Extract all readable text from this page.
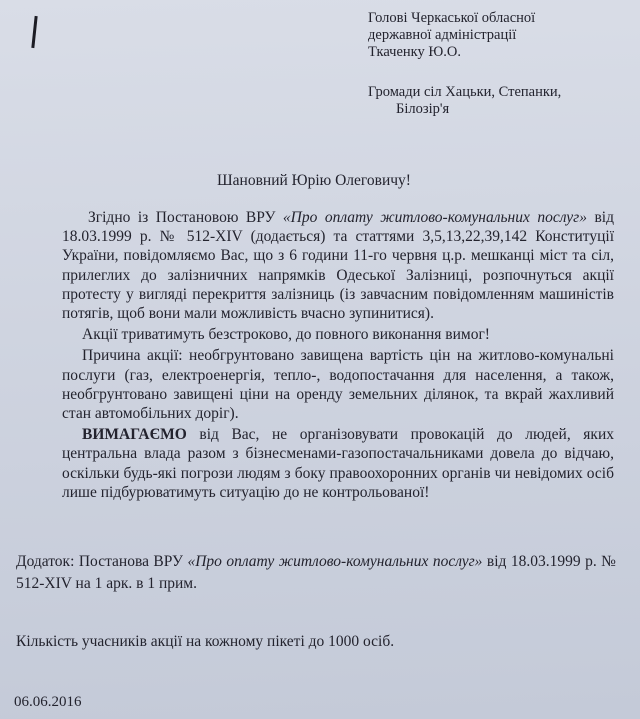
Голові Черкаської обласної
державної адміністрації
Ткаченку Ю.О.
Громади сіл Хацьки, Степанки,
Білозір'я
Шановний Юрію Олеговичу!

Згідно із Постановою ВРУ «Про оплату житлово-комунальних послуг» від 18.03.1999 р. № 512-XIV (додається) та статтями 3,5,13,22,39,142 Конституції України, повідомляємо Вас, що з 6 години 11-го червня ц.р. мешканці міст та сіл, прилеглих до залізничних напрямків Одеської Залізниці, розпочнуться акції протесту у вигляді перекриття залізниць (із завчасним повідомленням машиністів потягів, щоб вони мали можливість вчасно зупинитися).

Акції триватимуть безстроково, до повного виконання вимог!

Причина акції: необгрунтовано завищена вартість цін на житлово-комунальні послуги (газ, електроенергія, тепло-, водопостачання для населення, а також, необгрунтовано завищені ціни на оренду земельних ділянок, та вкрай жахливий стан автомобільних доріг).

ВИМАГАЄМО від Вас, не організовувати провокацій до людей, яких центральна влада разом з бізнесменами-газопостачальниками довела до відчаю, оскільки будь-які погрози людям з боку правоохоронних органів чи невідомих осіб лише підбурюватимуть ситуацію до не контрольованої!

Додаток: Постанова ВРУ «Про оплату житлово-комунальних послуг» від 18.03.1999 р. № 512-XIV на 1 арк. в 1 прим.
Кількість учасників акції на кожному пікеті до 1000 осіб.
06.06.2016
